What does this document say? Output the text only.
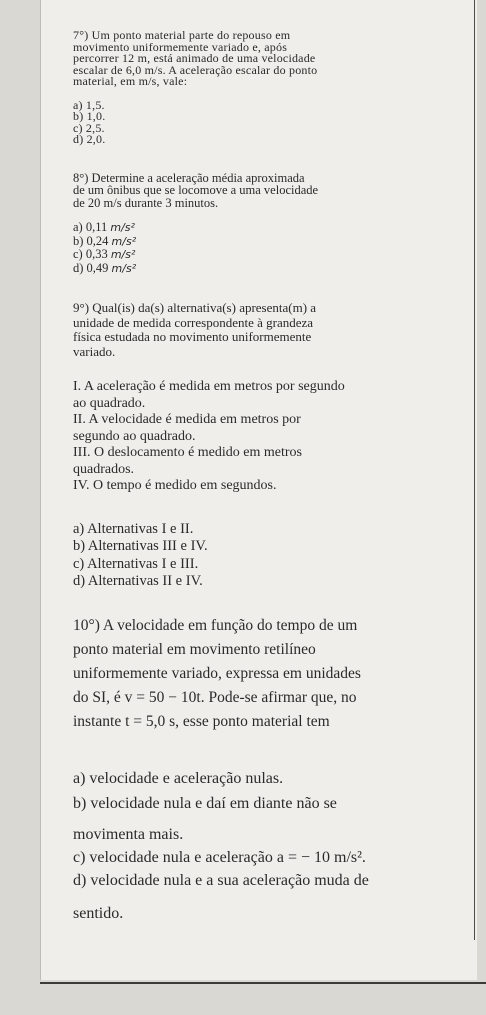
7°) Um ponto material parte do repouso em

movimento uniformemente variado e, após

percorrer 12 m, está animado de uma velocidade

escalar de 6,0 m/s. A aceleração escalar do ponto

material, em m/s, vale:

a) 1,5.

b) 1,0.

c) 2,5.

d) 2,0.

8°) Determine a aceleração média aproximada

de um ônibus que se locomove a uma velocidade

de 20 m/s durante 3 minutos.

a) 0,11 m/s²

b) 0,24 m/s²

c) 0,33 m/s²

d) 0,49 m/s²

9°) Qual(is) da(s) alternativa(s) apresenta(m) a

unidade de medida correspondente à grandeza

física estudada no movimento uniformemente

variado.

I. A aceleração é medida em metros por segundo

ao quadrado.

II. A velocidade é medida em metros por

segundo ao quadrado.

III. O deslocamento é medido em metros

quadrados.

IV. O tempo é medido em segundos.

a) Alternativas I e II.

b) Alternativas III e IV.

c) Alternativas I e III.

d) Alternativas II e IV.

10°) A velocidade em função do tempo de um

ponto material em movimento retilíneo

uniformemente variado, expressa em unidades

do SI, é v = 50 − 10t. Pode-se afirmar que, no

instante t = 5,0 s, esse ponto material tem

a) velocidade e aceleração nulas.

b) velocidade nula e daí em diante não se

movimenta mais.

c) velocidade nula e aceleração a = − 10 m/s².

d) velocidade nula e a sua aceleração muda de

sentido.
